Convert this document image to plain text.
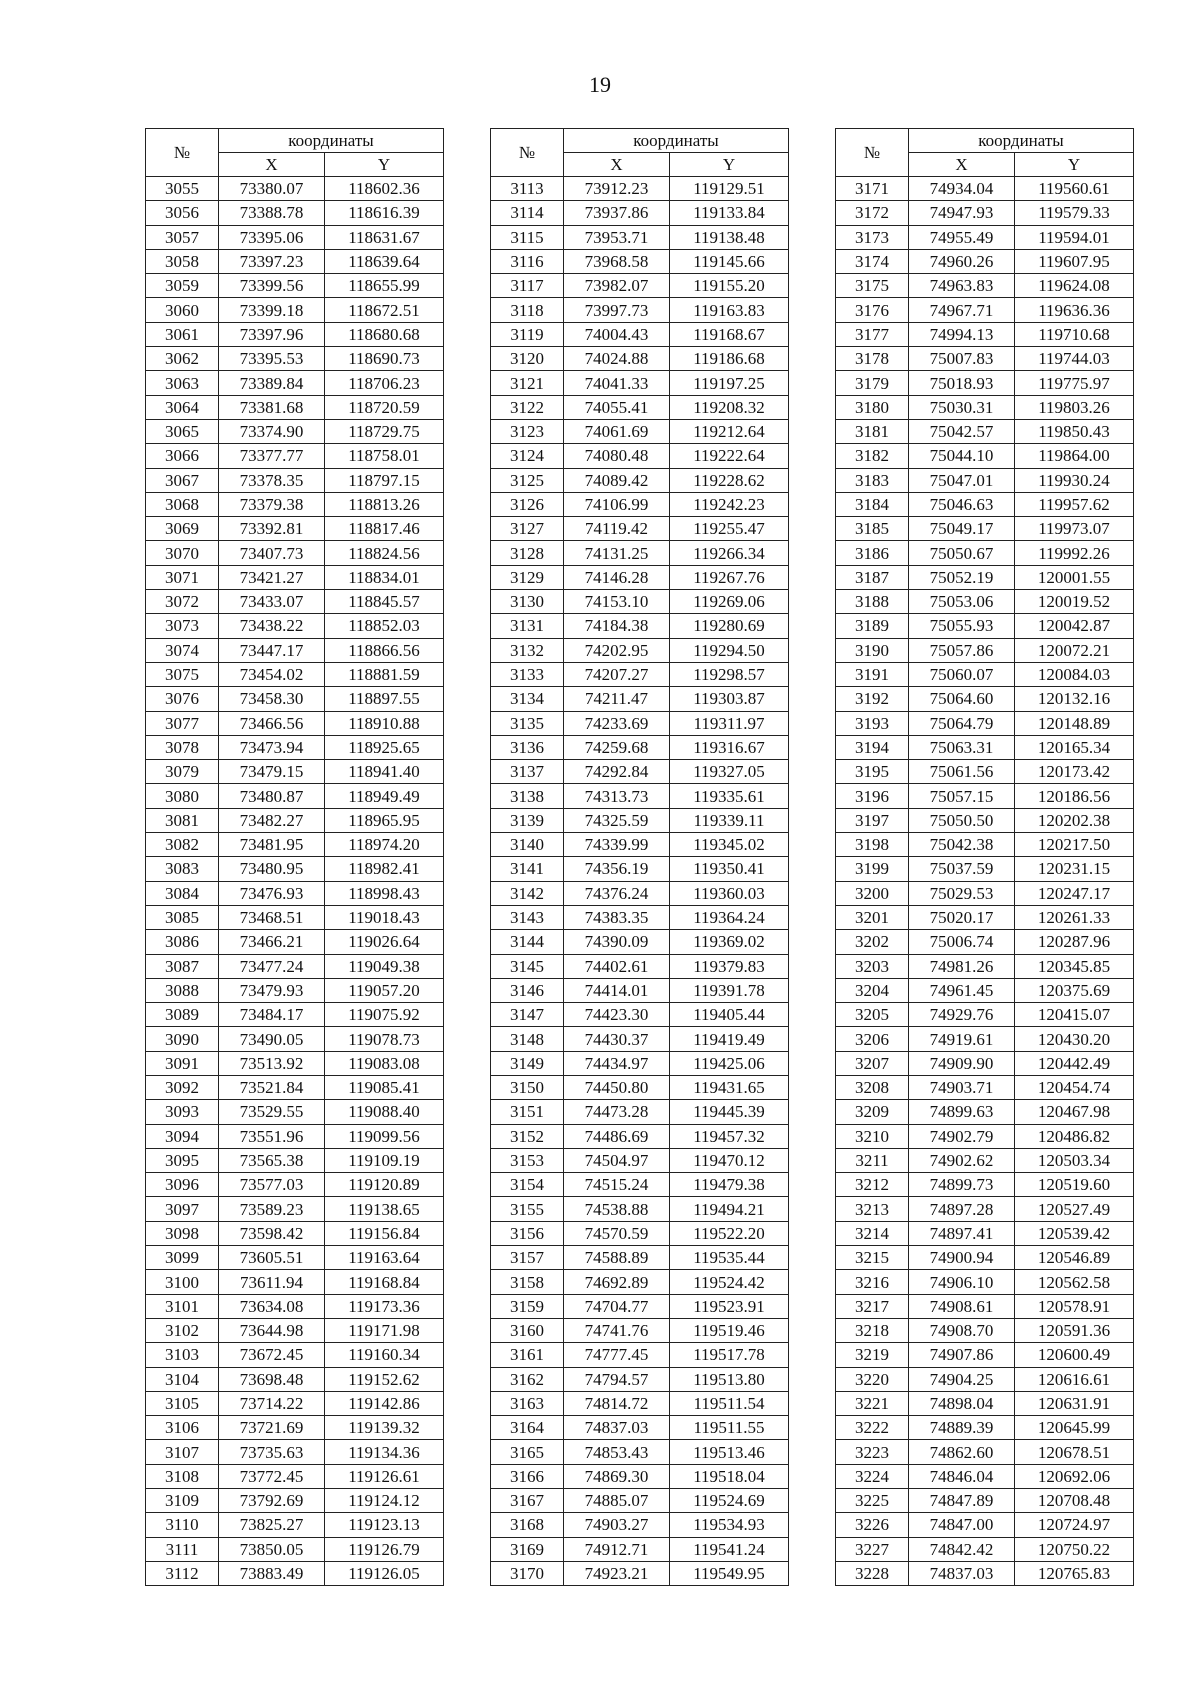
19
№	координаты	
	X	Y
3055	73380.07	118602.36
3056	73388.78	118616.39
3057	73395.06	118631.67
3058	73397.23	118639.64
3059	73399.56	118655.99
3060	73399.18	118672.51
3061	73397.96	118680.68
3062	73395.53	118690.73
3063	73389.84	118706.23
3064	73381.68	118720.59
3065	73374.90	118729.75
3066	73377.77	118758.01
3067	73378.35	118797.15
3068	73379.38	118813.26
3069	73392.81	118817.46
3070	73407.73	118824.56
3071	73421.27	118834.01
3072	73433.07	118845.57
3073	73438.22	118852.03
3074	73447.17	118866.56
3075	73454.02	118881.59
3076	73458.30	118897.55
3077	73466.56	118910.88
3078	73473.94	118925.65
3079	73479.15	118941.40
3080	73480.87	118949.49
3081	73482.27	118965.95
3082	73481.95	118974.20
3083	73480.95	118982.41
3084	73476.93	118998.43
3085	73468.51	119018.43
3086	73466.21	119026.64
3087	73477.24	119049.38
3088	73479.93	119057.20
3089	73484.17	119075.92
3090	73490.05	119078.73
3091	73513.92	119083.08
3092	73521.84	119085.41
3093	73529.55	119088.40
3094	73551.96	119099.56
3095	73565.38	119109.19
3096	73577.03	119120.89
3097	73589.23	119138.65
3098	73598.42	119156.84
3099	73605.51	119163.64
3100	73611.94	119168.84
3101	73634.08	119173.36
3102	73644.98	119171.98
3103	73672.45	119160.34
3104	73698.48	119152.62
3105	73714.22	119142.86
3106	73721.69	119139.32
3107	73735.63	119134.36
3108	73772.45	119126.61
3109	73792.69	119124.12
3110	73825.27	119123.13
3111	73850.05	119126.79
3112	73883.49	119126.05
№	координаты	
	X	Y
3113	73912.23	119129.51
3114	73937.86	119133.84
3115	73953.71	119138.48
3116	73968.58	119145.66
3117	73982.07	119155.20
3118	73997.73	119163.83
3119	74004.43	119168.67
3120	74024.88	119186.68
3121	74041.33	119197.25
3122	74055.41	119208.32
3123	74061.69	119212.64
3124	74080.48	119222.64
3125	74089.42	119228.62
3126	74106.99	119242.23
3127	74119.42	119255.47
3128	74131.25	119266.34
3129	74146.28	119267.76
3130	74153.10	119269.06
3131	74184.38	119280.69
3132	74202.95	119294.50
3133	74207.27	119298.57
3134	74211.47	119303.87
3135	74233.69	119311.97
3136	74259.68	119316.67
3137	74292.84	119327.05
3138	74313.73	119335.61
3139	74325.59	119339.11
3140	74339.99	119345.02
3141	74356.19	119350.41
3142	74376.24	119360.03
3143	74383.35	119364.24
3144	74390.09	119369.02
3145	74402.61	119379.83
3146	74414.01	119391.78
3147	74423.30	119405.44
3148	74430.37	119419.49
3149	74434.97	119425.06
3150	74450.80	119431.65
3151	74473.28	119445.39
3152	74486.69	119457.32
3153	74504.97	119470.12
3154	74515.24	119479.38
3155	74538.88	119494.21
3156	74570.59	119522.20
3157	74588.89	119535.44
3158	74692.89	119524.42
3159	74704.77	119523.91
3160	74741.76	119519.46
3161	74777.45	119517.78
3162	74794.57	119513.80
3163	74814.72	119511.54
3164	74837.03	119511.55
3165	74853.43	119513.46
3166	74869.30	119518.04
3167	74885.07	119524.69
3168	74903.27	119534.93
3169	74912.71	119541.24
3170	74923.21	119549.95
№	координаты	
	X	Y
3171	74934.04	119560.61
3172	74947.93	119579.33
3173	74955.49	119594.01
3174	74960.26	119607.95
3175	74963.83	119624.08
3176	74967.71	119636.36
3177	74994.13	119710.68
3178	75007.83	119744.03
3179	75018.93	119775.97
3180	75030.31	119803.26
3181	75042.57	119850.43
3182	75044.10	119864.00
3183	75047.01	119930.24
3184	75046.63	119957.62
3185	75049.17	119973.07
3186	75050.67	119992.26
3187	75052.19	120001.55
3188	75053.06	120019.52
3189	75055.93	120042.87
3190	75057.86	120072.21
3191	75060.07	120084.03
3192	75064.60	120132.16
3193	75064.79	120148.89
3194	75063.31	120165.34
3195	75061.56	120173.42
3196	75057.15	120186.56
3197	75050.50	120202.38
3198	75042.38	120217.50
3199	75037.59	120231.15
3200	75029.53	120247.17
3201	75020.17	120261.33
3202	75006.74	120287.96
3203	74981.26	120345.85
3204	74961.45	120375.69
3205	74929.76	120415.07
3206	74919.61	120430.20
3207	74909.90	120442.49
3208	74903.71	120454.74
3209	74899.63	120467.98
3210	74902.79	120486.82
3211	74902.62	120503.34
3212	74899.73	120519.60
3213	74897.28	120527.49
3214	74897.41	120539.42
3215	74900.94	120546.89
3216	74906.10	120562.58
3217	74908.61	120578.91
3218	74908.70	120591.36
3219	74907.86	120600.49
3220	74904.25	120616.61
3221	74898.04	120631.91
3222	74889.39	120645.99
3223	74862.60	120678.51
3224	74846.04	120692.06
3225	74847.89	120708.48
3226	74847.00	120724.97
3227	74842.42	120750.22
3228	74837.03	120765.83
